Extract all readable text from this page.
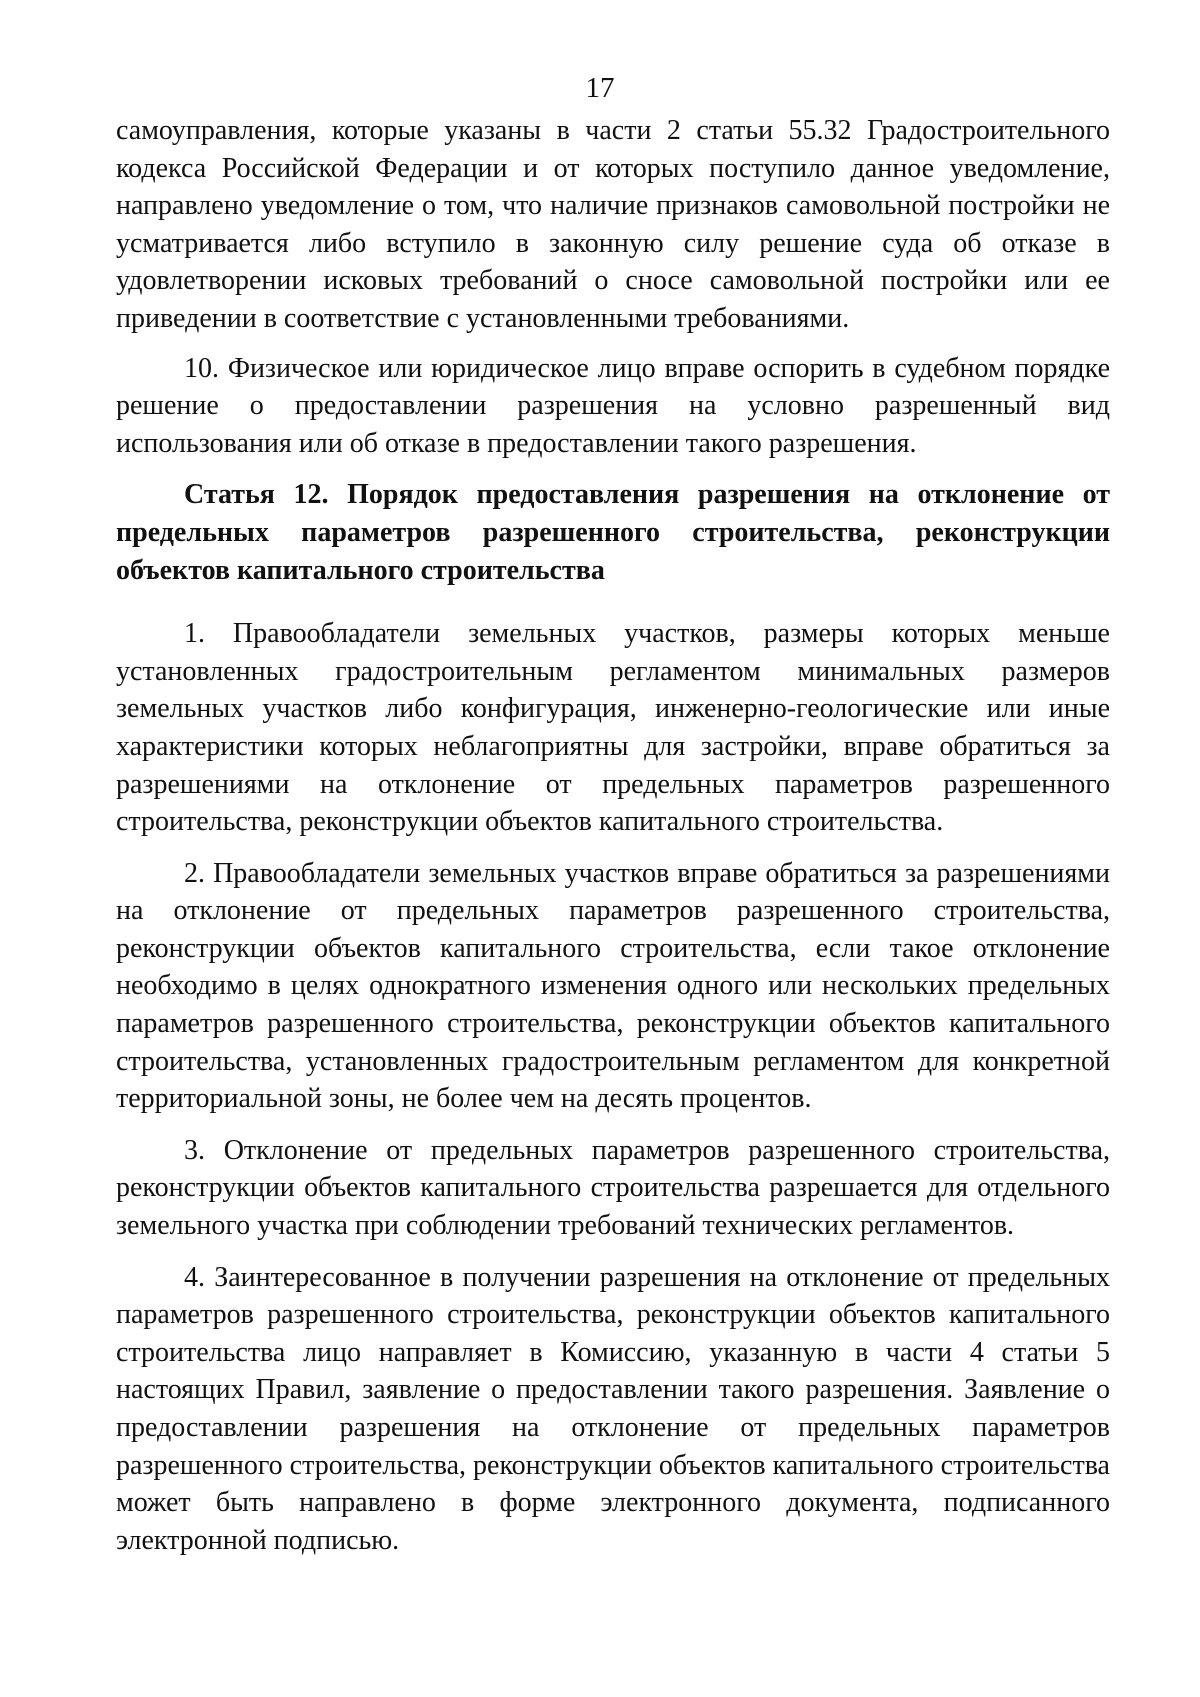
17

самоуправления, которые указаны в части 2 статьи 55.32 Градостроительного кодекса Российской Федерации и от которых поступило данное уведомление, направлено уведомление о том, что наличие признаков самовольной постройки не усматривается либо вступило в законную силу решение суда об отказе в удовлетворении исковых требований о сносе самовольной постройки или ее приведении в соответствие с установленными требованиями.

10. Физическое или юридическое лицо вправе оспорить в судебном порядке решение о предоставлении разрешения на условно разрешенный вид использования или об отказе в предоставлении такого разрешения.

Статья 12. Порядок предоставления разрешения на отклонение от предельных параметров разрешенного строительства, реконструкции объектов капитального строительства

1. Правообладатели земельных участков, размеры которых меньше установленных градостроительным регламентом минимальных размеров земельных участков либо конфигурация, инженерно-геологические или иные характеристики которых неблагоприятны для застройки, вправе обратиться за разрешениями на отклонение от предельных параметров разрешенного строительства, реконструкции объектов капитального строительства.

2. Правообладатели земельных участков вправе обратиться за разрешениями на отклонение от предельных параметров разрешенного строительства, реконструкции объектов капитального строительства, если такое отклонение необходимо в целях однократного изменения одного или нескольких предельных параметров разрешенного строительства, реконструкции объектов капитального строительства, установленных градостроительным регламентом для конкретной территориальной зоны, не более чем на десять процентов.

3. Отклонение от предельных параметров разрешенного строительства, реконструкции объектов капитального строительства разрешается для отдельного земельного участка при соблюдении требований технических регламентов.

4. Заинтересованное в получении разрешения на отклонение от предельных параметров разрешенного строительства, реконструкции объектов капитального строительства лицо направляет в Комиссию, указанную в части 4 статьи 5 настоящих Правил, заявление о предоставлении такого разрешения. Заявление о предоставлении разрешения на отклонение от предельных параметров разрешенного строительства, реконструкции объектов капитального строительства может быть направлено в форме электронного документа, подписанного электронной подписью.
